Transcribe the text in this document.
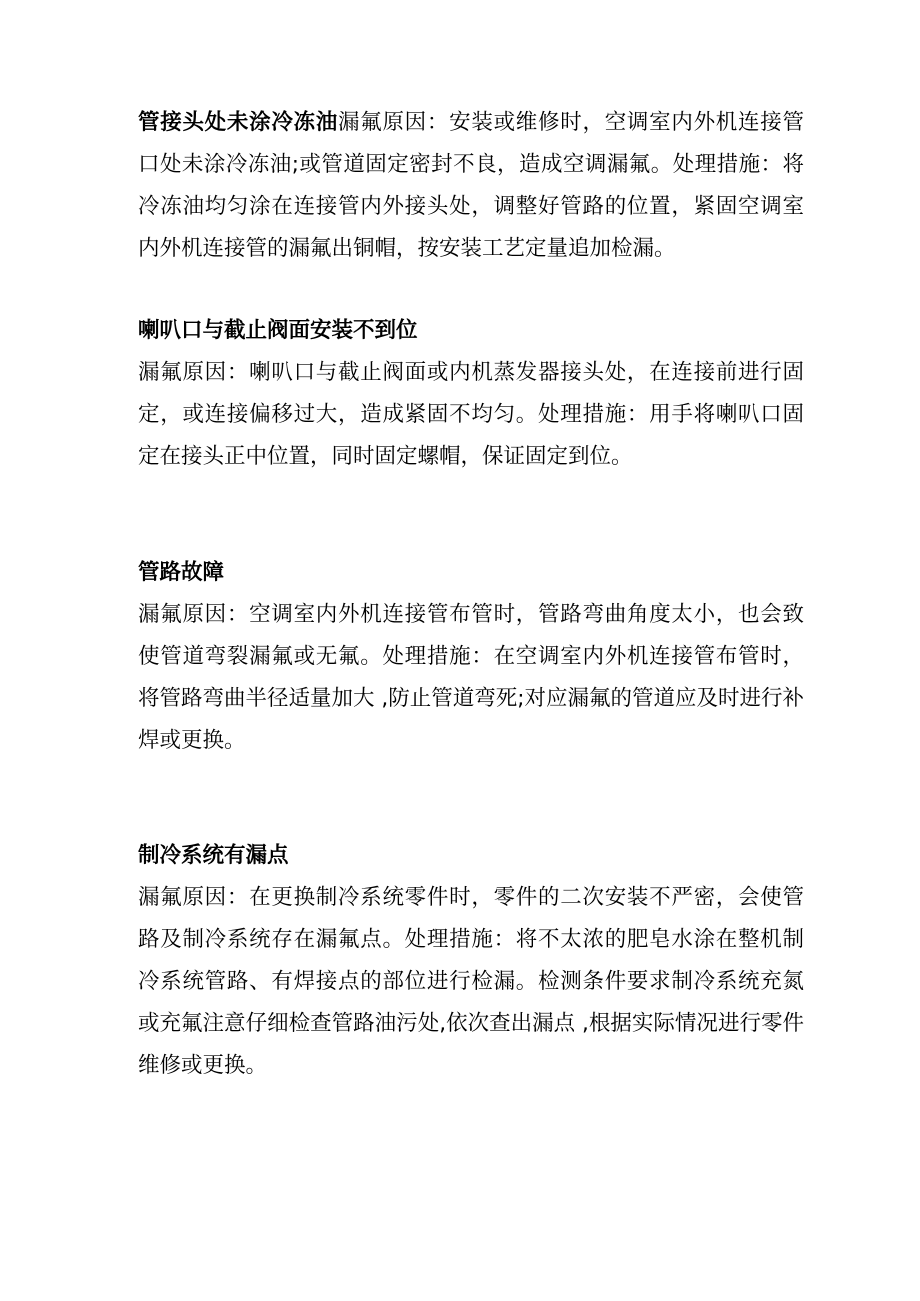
管接头处未涂冷冻油漏氟原因：安装或维修时，空调室内外机连接管口处未涂冷冻油;或管道固定密封不良，造成空调漏氟。处理措施：将冷冻油均匀涂在连接管内外接头处，调整好管路的位置，紧固空调室内外机连接管的漏氟出铜帽，按安装工艺定量追加检漏。

喇叭口与截止阀面安装不到位

漏氟原因：喇叭口与截止阀面或内机蒸发器接头处，在连接前进行固定，或连接偏移过大，造成紧固不均匀。处理措施：用手将喇叭口固定在接头正中位置，同时固定螺帽，保证固定到位。

管路故障

漏氟原因：空调室内外机连接管布管时，管路弯曲角度太小，也会致使管道弯裂漏氟或无氟。处理措施：在空调室内外机连接管布管时，将管路弯曲半径适量加大 ,防止管道弯死;对应漏氟的管道应及时进行补焊或更换。

制冷系统有漏点

漏氟原因：在更换制冷系统零件时，零件的二次安装不严密，会使管路及制冷系统存在漏氟点。处理措施：将不太浓的肥皂水涂在整机制冷系统管路、有焊接点的部位进行检漏。检测条件要求制冷系统充氮或充氟注意仔细检查管路油污处,依次查出漏点 ,根据实际情况进行零件维修或更换。
